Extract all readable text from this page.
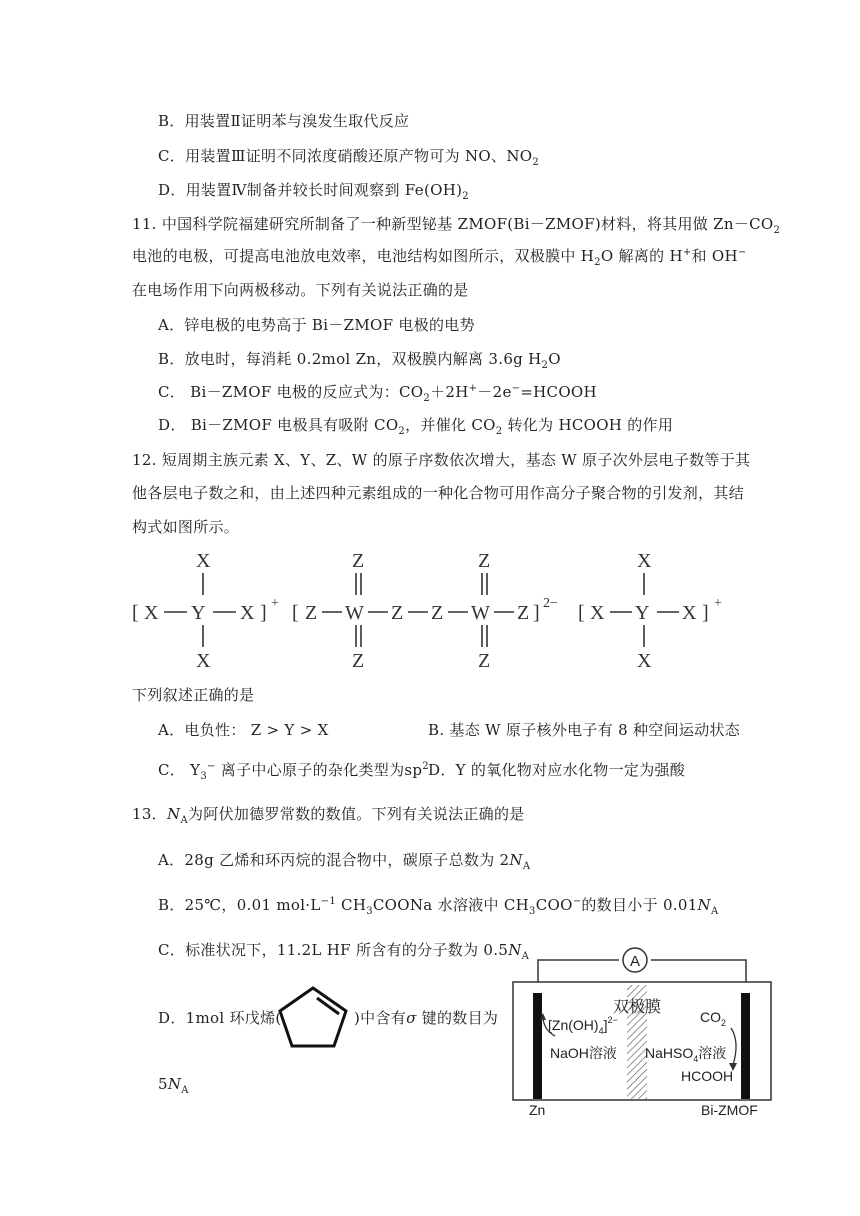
B．用装置Ⅱ证明苯与溴发生取代反应
C．用装置Ⅲ证明不同浓度硝酸还原产物可为 NO、$NO_2$
D．用装置Ⅳ制备并较长时间观察到 $Fe(OH)_2$
11. 中国科学院福建研究所制备了一种新型铋基 ZMOF(Bi－ZMOF)材料，将其用做 $Zn-CO_2$
电池的电极，可提高电池放电效率，电池结构如图所示，双极膜中 $H_2O$ 解离的 H+和 OH−
在电场作用下向两极移动。下列有关说法正确的是
A．锌电极的电势高于 Bi－ZMOF 电极的电势
B．放电时，每消耗 0.2mol Zn，双极膜内解离 3.6g $H_2O$
C． Bi－ZMOF 电极的反应式为：$CO_2+2H^+-2e^-=HCOOH$
D． Bi－ZMOF 电极具有吸附 $CO_2$，并催化 $CO_2$ 转化为 HCOOH 的作用
12. 短周期主族元素 X、Y、Z、W 的原子序数依次增大，基态 W 原子次外层电子数等于其
他各层电子数之和，由上述四种元素组成的一种化合物可用作高分子聚合物的引发剂，其结
构式如图所示。
[ X Y X ] +
X
X
[ Z W Z Z W Z ] 2−
Z
Z
Z
Z
[ X Y X ] +
X
X
下列叙述正确的是
A．电负性： Z > Y > X	B. 基态 W 原子核外电子有 8 种空间运动状态
C． $Y_3^-$ 离子中心原子的杂化类型为$sp^2$ D．Y 的氧化物对应水化物一定为强酸
13．$N_A$为阿伏加德罗常数的数值。下列有关说法正确的是
A．28g 乙烯和环丙烷的混合物中，碳原子总数为 $2N_A$
B．25℃，0.01 $mol\cdot L^{-1}$ $CH_3COONa$ 水溶液中 $CH_3COO^-$的数目小于 $0.01N_A$
C．标准状况下，11.2L HF 所含有的分子数为 $0.5N_A$
D．1mol 环戊烯(	)中含有σ 键的数目为
$5N_A$
A
双极膜
$[Zn(OH)_4]^{2-}$
NaOH溶液
$CO_2$
NaHSO$_4$溶液
HCOOH
Zn	Bi-ZMOF
